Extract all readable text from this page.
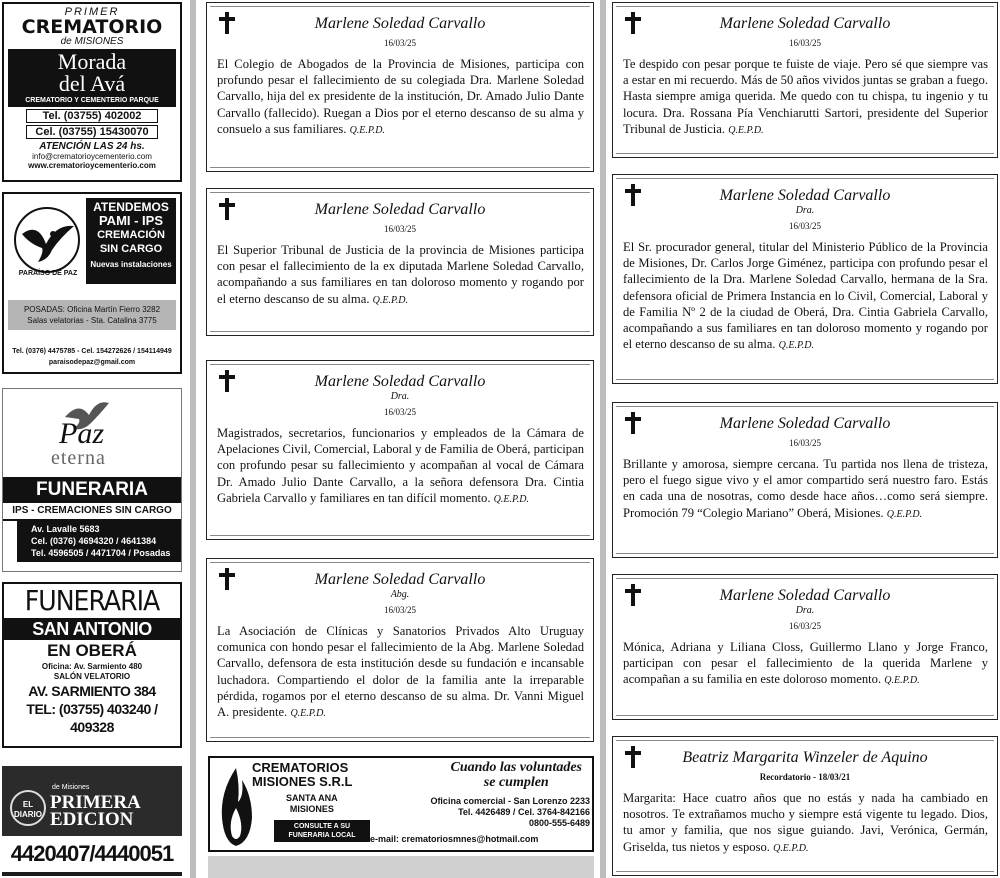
PRIMER
CREMATORIO
de MISIONES
Morada
del Avá
CREMATORIO Y CEMENTERIO PARQUE
Tel. (03755) 402002
Cel. (03755) 15430070
ATENCIÓN LAS 24 hs.
info@crematorioycementerio.com
www.crematorioycementerio.com
PARAÍSO DE PAZ
ATENDEMOS
PAMI - IPS
CREMACIÓN
SIN CARGO
Nuevas instalaciones
POSADAS: Oficina Martín Fierro 3282
Salas velatorias - Sta. Catalina 3775
Tel. (0376) 4475785 - Cel. 154272626 / 154114949
paraisodepaz@gmail.com
Paz
eterna
FUNERARIA
IPS - CREMACIONES SIN CARGO
Av. Lavalle 5683
Cel. (0376) 4694320 / 4641384
Tel. 4596505 / 4471704 / Posadas
FUNERARIA
SAN ANTONIO
EN OBERÁ
Oficina: Av. Sarmiento 480
SALÓN VELATORIO
AV. SARMIENTO 384
TEL: (03755) 403240 / 409328
EL DIARIO
de Misiones
PRIMERA
EDICION
4420407/4440051
Marlene Soledad Carvallo
16/03/25
El Colegio de Abogados de la Provincia de Misiones, participa con profundo pesar el fallecimiento de su colegiada Dra. Marlene Soledad Carvallo, hija del ex presidente de la institución, Dr. Amado Julio Dante Carvallo (fallecido). Ruegan a Dios por el eterno descanso de su alma y consuelo a sus familiares. Q.E.P.D.
Marlene Soledad Carvallo
16/03/25
El Superior Tribunal de Justicia de la provincia de Misiones participa con pesar el fallecimiento de la ex diputada Marlene Soledad Carvallo, acompañando a sus familiares en tan doloroso momento y rogando por el eterno descanso de su alma. Q.E.P.D.
Marlene Soledad Carvallo
Dra.
16/03/25
Magistrados, secretarios, funcionarios y empleados de la Cámara de Apelaciones Civil, Comercial, Laboral y de Familia de Oberá, participan con profundo pesar su fallecimiento y acompañan al vocal de Cámara Dr. Amado Julio Dante Carvallo, a la señora defensora Dra. Cintia Gabriela Carvallo y familiares en tan difícil momento. Q.E.P.D.
Marlene Soledad Carvallo
Abg.
16/03/25
La Asociación de Clínicas y Sanatorios Privados Alto Uruguay comunica con hondo pesar el fallecimiento de la Abg. Marlene Soledad Carvallo, defensora de esta institución desde su fundación e incansable luchadora. Compartiendo el dolor de la familia ante la irreparable pérdida, rogamos por el eterno descanso de su alma. Dr. Vanni Miguel A. presidente. Q.E.P.D.
Marlene Soledad Carvallo
16/03/25
Te despido con pesar porque te fuiste de viaje. Pero sé que siempre vas a estar en mi recuerdo. Más de 50 años vividos juntas se graban a fuego. Hasta siempre amiga querida. Me quedo con tu chispa, tu ingenio y tu locura. Dra. Rossana Pía Venchiarutti Sartori, presidente del Superior Tribunal de Justicia. Q.E.P.D.
Marlene Soledad Carvallo
Dra.
16/03/25
El Sr. procurador general, titular del Ministerio Público de la Provincia de Misiones, Dr. Carlos Jorge Giménez, participa con profundo pesar el fallecimiento de la Dra. Marlene Soledad Carvallo, hermana de la Sra. defensora oficial de Primera Instancia en lo Civil, Comercial, Laboral y de Familia Nº 2 de la ciudad de Oberá, Dra. Cintia Gabriela Carvallo, acompañando a sus familiares en tan doloroso momento y rogando por el eterno descanso de su alma. Q.E.P.D.
Marlene Soledad Carvallo
16/03/25
Brillante y amorosa, siempre cercana. Tu partida nos llena de tristeza, pero el fuego sigue vivo y el amor compartido será nuestro faro. Estás en cada una de nosotras, como desde hace años…como será siempre. Promoción 79 “Colegio Mariano” Oberá, Misiones. Q.E.P.D.
Marlene Soledad Carvallo
Dra.
16/03/25
Mónica, Adriana y Liliana Closs, Guillermo Llano y Jorge Franco, participan con pesar el fallecimiento de la querida Marlene y acompañan a su familia en este doloroso momento. Q.E.P.D.
Beatriz Margarita Winzeler de Aquino
Recordatorio - 18/03/21
Margarita: Hace cuatro años que no estás y nada ha cambiado en nosotros. Te extrañamos mucho y siempre está vigente tu legado. Dios, tu amor y familia, que nos sigue guiando. Javi, Verónica, Germán, Griselda, tus nietos y esposo. Q.E.P.D.
CREMATORIOS
MISIONES S.R.L
SANTA ANA
MISIONES
CONSULTE A SU
FUNERARIA LOCAL
Cuando las voluntades
se cumplen
Oficina comercial - San Lorenzo 2233
Tel. 4426489 / Cel. 3764-842166
0800-555-6489
e-mail: crematoriosmnes@hotmail.com
